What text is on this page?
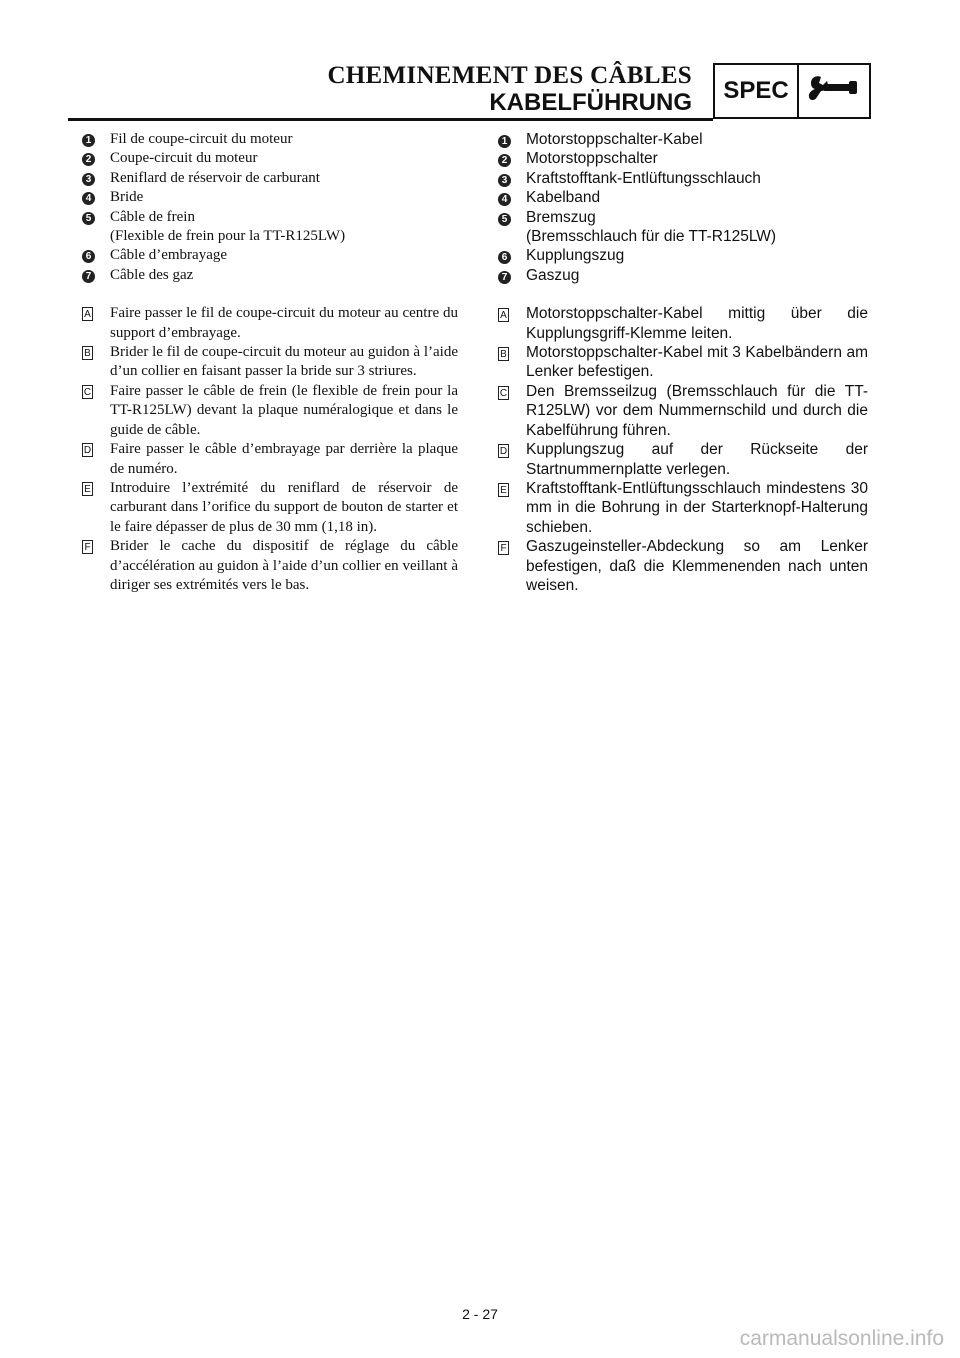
CHEMINEMENT DES CÂBLES
KABELFÜHRUNG	SPEC
1	Fil de coupe-circuit du moteur
2	Coupe-circuit du moteur
3	Reniflard de réservoir de carburant
4	Bride
5	Câble de frein
(Flexible de frein pour la TT-R125LW)
6	Câble d’embrayage
7	Câble des gaz
A	Faire passer le fil de coupe-circuit du moteur au centre du support d’embrayage.
B	Brider le fil de coupe-circuit du moteur au guidon à l’aide d’un collier en faisant passer la bride sur 3 striures.
C	Faire passer le câble de frein (le flexible de frein pour la TT-R125LW) devant la plaque numéralogique et dans le guide de câble.
D	Faire passer le câble d’embrayage par derrière la plaque de numéro.
E	Introduire l’extrémité du reniflard de réservoir de carburant dans l’orifice du support de bouton de starter et le faire dépasser de plus de 30 mm (1,18 in).
F	Brider le cache du dispositif de réglage du câble d’accélération au guidon à l’aide d’un collier en veillant à diriger ses extrémités vers le bas.
1	Motorstoppschalter-Kabel
2	Motorstoppschalter
3	Kraftstofftank-Entlüftungsschlauch
4	Kabelband
5	Bremszug
(Bremsschlauch für die TT-R125LW)
6	Kupplungszug
7	Gaszug
A	Motorstoppschalter-Kabel mittig über die Kupplungsgriff-Klemme leiten.
B	Motorstoppschalter-Kabel mit 3 Kabelbändern am Lenker befestigen.
C	Den Bremsseilzug (Bremsschlauch für die TT-R125LW) vor dem Nummernschild und durch die Kabelführung führen.
D	Kupplungszug auf der Rückseite der Startnummernplatte verlegen.
E	Kraftstofftank-Entlüftungsschlauch mindestens 30 mm in die Bohrung in der Starterknopf-Halterung schieben.
F	Gaszugeinsteller-Abdeckung so am Lenker befestigen, daß die Klemmenenden nach unten weisen.
2 - 27
carmanualsonline.info
